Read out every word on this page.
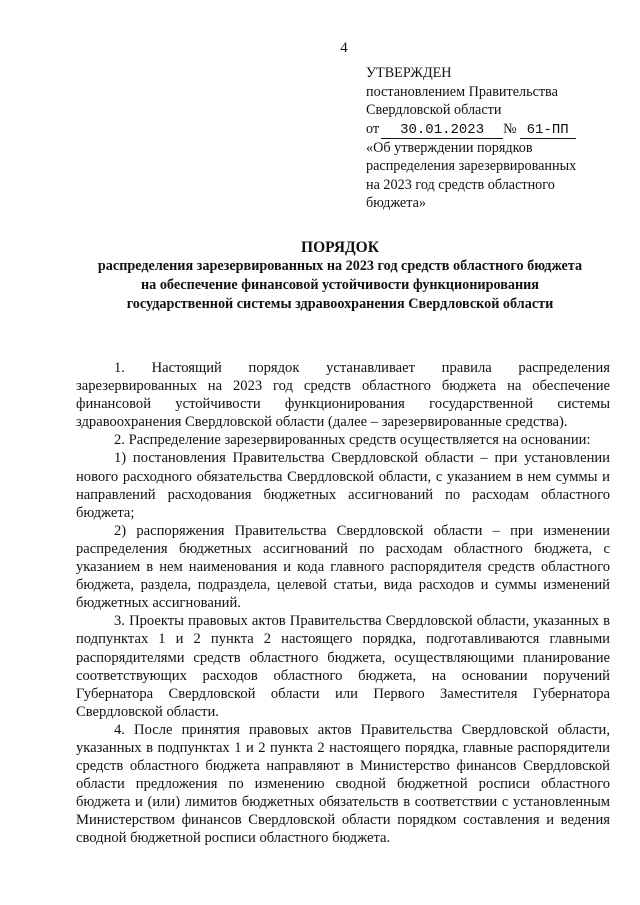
4
УТВЕРЖДЕН
постановлением Правительства
Свердловской области
от 30.01.2023 № 61-ПП
«Об утверждении порядков
распределения зарезервированных
на 2023 год средств областного
бюджета»
ПОРЯДОК
распределения зарезервированных на 2023 год средств областного бюджета
на обеспечение финансовой устойчивости функционирования
государственной системы здравоохранения Свердловской области

1. Настоящий порядок устанавливает правила распределения зарезервированных на 2023 год средств областного бюджета на обеспечение финансовой устойчивости функционирования государственной системы здравоохранения Свердловской области (далее – зарезервированные средства).

2. Распределение зарезервированных средств осуществляется на основании:

1) постановления Правительства Свердловской области – при установлении нового расходного обязательства Свердловской области, с указанием в нем суммы и направлений расходования бюджетных ассигнований по расходам областного бюджета;

2) распоряжения Правительства Свердловской области – при изменении распределения бюджетных ассигнований по расходам областного бюджета, с указанием в нем наименования и кода главного распорядителя средств областного бюджета, раздела, подраздела, целевой статьи, вида расходов и суммы изменений бюджетных ассигнований.

3. Проекты правовых актов Правительства Свердловской области, указанных в подпунктах 1 и 2 пункта 2 настоящего порядка, подготавливаются главными распорядителями средств областного бюджета, осуществляющими планирование соответствующих расходов областного бюджета, на основании поручений Губернатора Свердловской области или Первого Заместителя Губернатора Свердловской области.

4. После принятия правовых актов Правительства Свердловской области, указанных в подпунктах 1 и 2 пункта 2 настоящего порядка, главные распорядители средств областного бюджета направляют в Министерство финансов Свердловской области предложения по изменению сводной бюджетной росписи областного бюджета и (или) лимитов бюджетных обязательств в соответствии с установленным Министерством финансов Свердловской области порядком составления и ведения сводной бюджетной росписи областного бюджета.
